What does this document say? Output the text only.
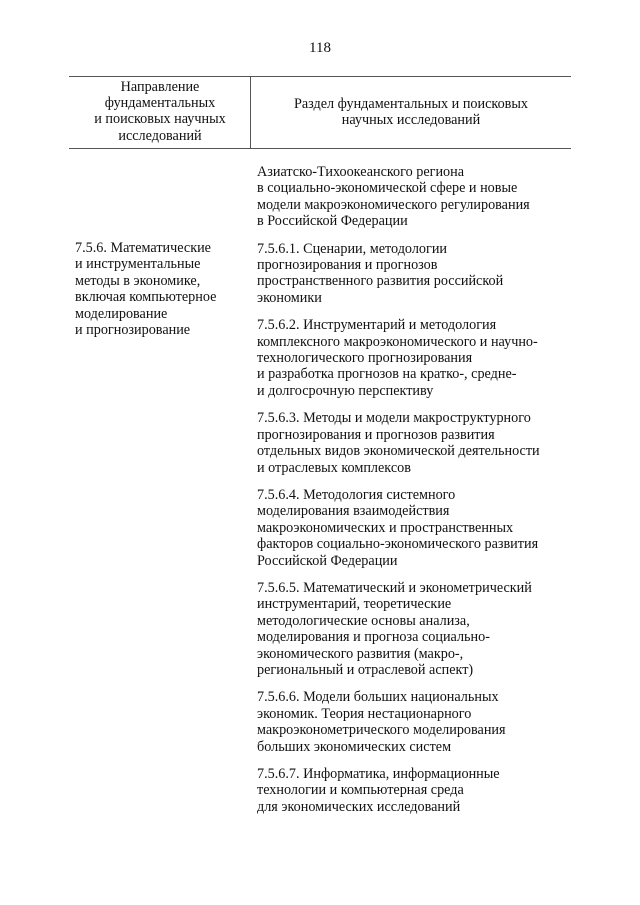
118
Направление
фундаментальных
и поисковых научных
исследований
Раздел фундаментальных и поисковых
научных исследований
7.5.6. Математические
и инструментальные
методы в экономике,
включая компьютерное
моделирование
и прогнозирование
Азиатско-Тихоокеанского региона
в социально-экономической сфере и новые
модели макроэкономического регулирования
в Российской Федерации
7.5.6.1. Сценарии, методологии
прогнозирования и прогнозов
пространственного развития российской
экономики
7.5.6.2. Инструментарий и методология
комплексного макроэкономического и научно-
технологического прогнозирования
и разработка прогнозов на кратко-, средне-
и долгосрочную перспективу
7.5.6.3. Методы и модели макроструктурного
прогнозирования и прогнозов развития
отдельных видов экономической деятельности
и отраслевых комплексов
7.5.6.4. Методология системного
моделирования взаимодействия
макроэкономических и пространственных
факторов социально-экономического развития
Российской Федерации
7.5.6.5. Математический и эконометрический
инструментарий, теоретические
методологические основы анализа,
моделирования и прогноза социально-
экономического развития (макро-,
региональный и отраслевой аспект)
7.5.6.6. Модели больших национальных
экономик. Теория нестационарного
макроэконометрического моделирования
больших экономических систем
7.5.6.7. Информатика, информационные
технологии и компьютерная среда
для экономических исследований
